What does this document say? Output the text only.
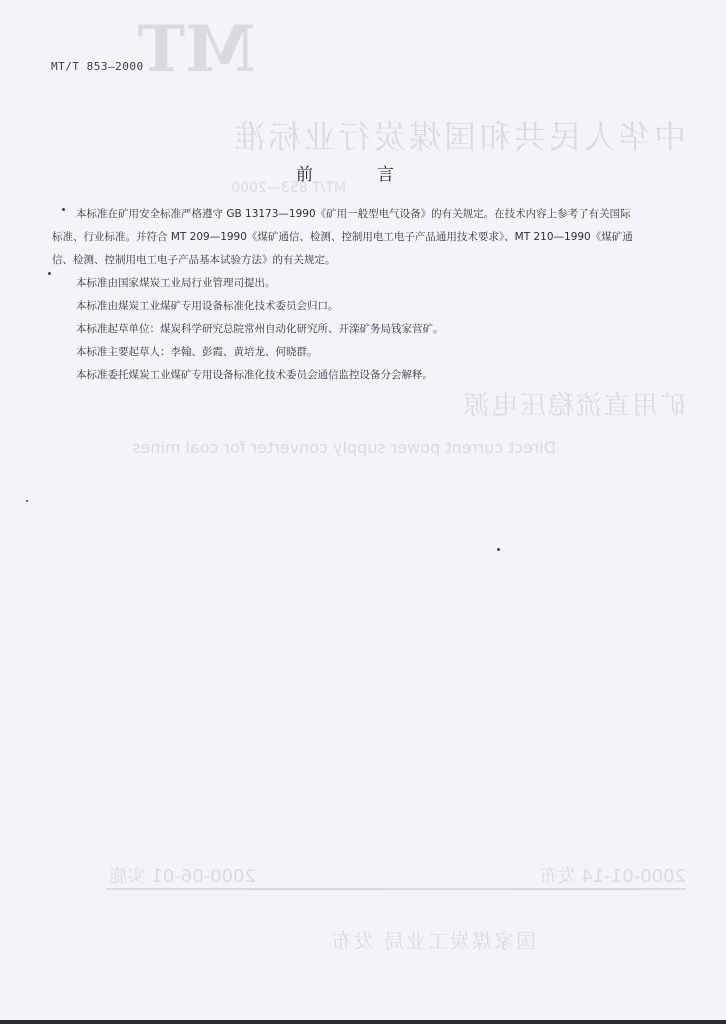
MT
中华人民共和国煤炭行业标准
矿用直流稳压电源
Direct current power supply converter for coal mines
MT/T 853—2000
2000-01-14 发布
2000-06-01 实施
国家煤炭工业局 发布
MT/T 853—2000
前言

本标准在矿用安全标准严格遵守 GB 13173—1990《矿用一般型电气设备》的有关规定。在技术内容上参考了有关国际标准、行业标准。并符合 MT 209—1990《煤矿通信、检测、控制用电工电子产品通用技术要求》、MT 210—1990《煤矿通信、检测、控制用电工电子产品基本试验方法》的有关规定。

本标准由国家煤炭工业局行业管理司提出。

本标准由煤炭工业煤矿专用设备标准化技术委员会归口。

本标准起草单位：煤炭科学研究总院常州自动化研究所、开滦矿务局钱家营矿。

本标准主要起草人：李翰、彭霞、黄培龙、何晓群。

本标准委托煤炭工业煤矿专用设备标准化技术委员会通信监控设备分会解释。
